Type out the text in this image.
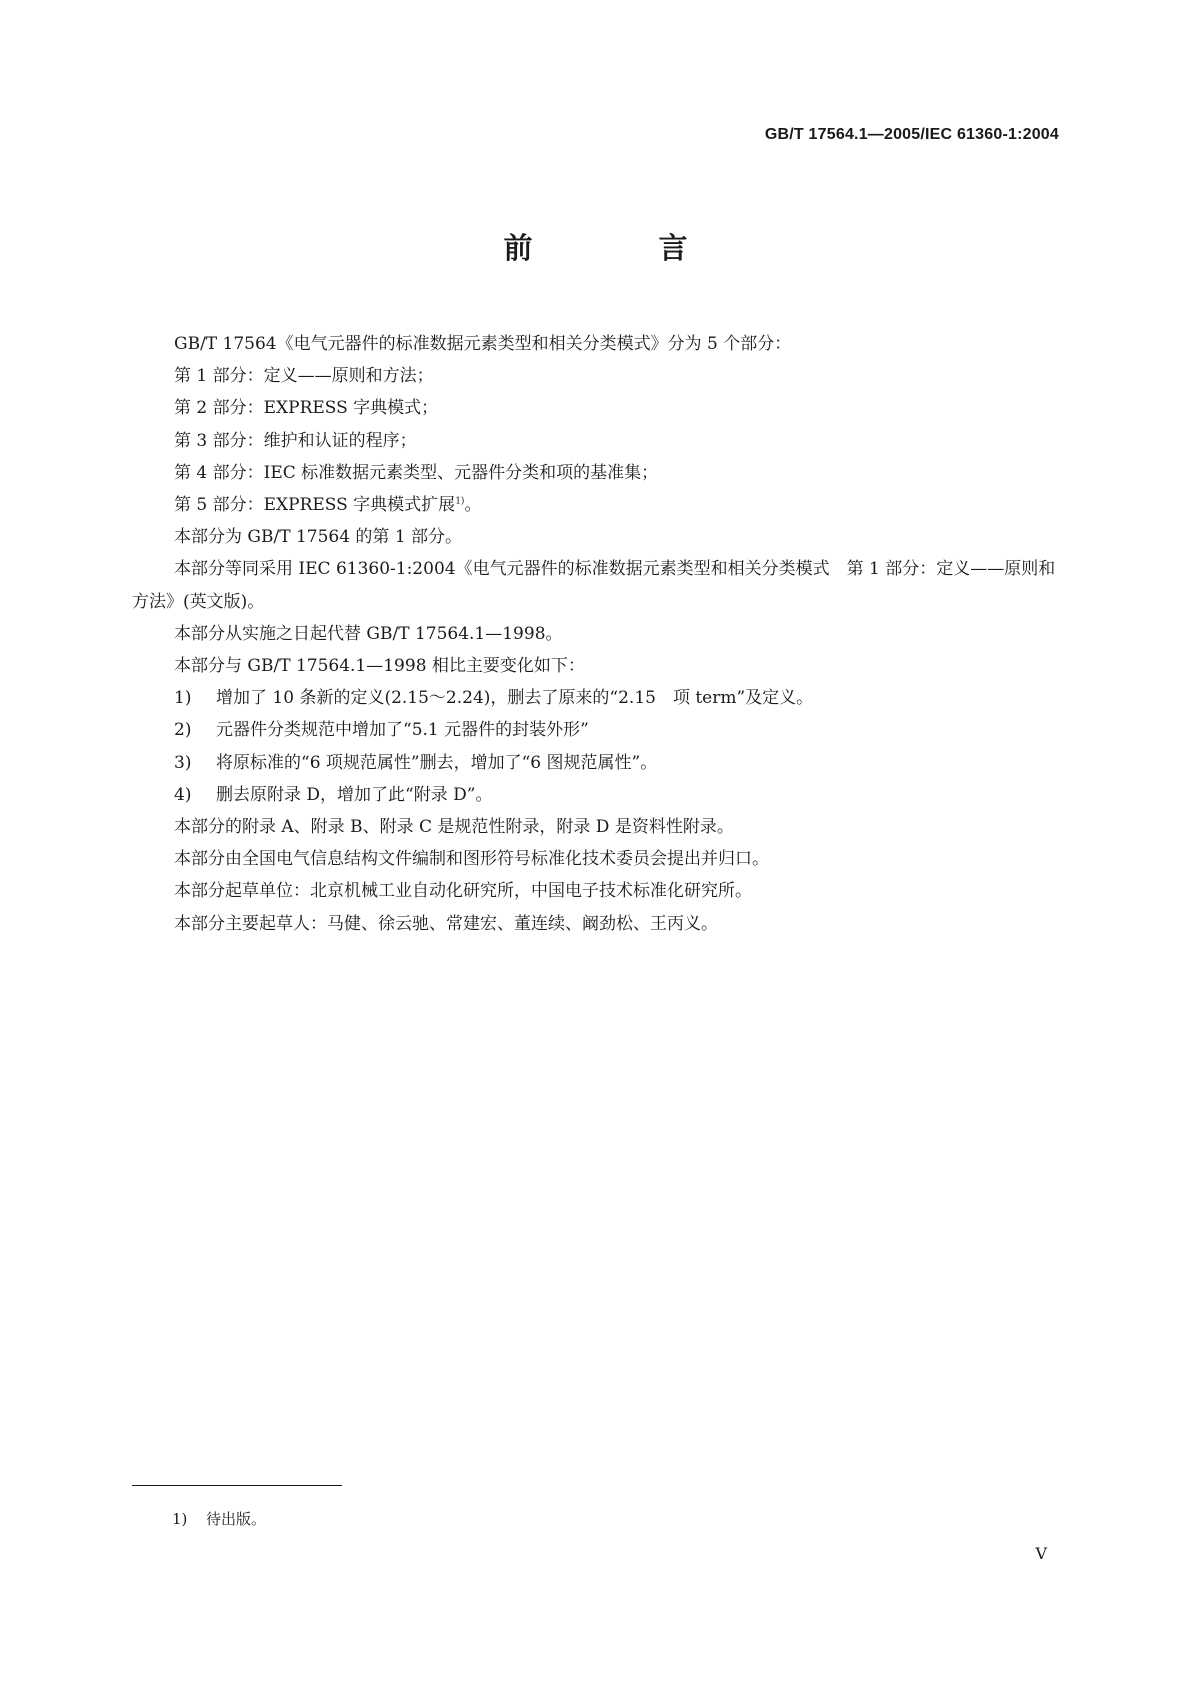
GB/T 17564.1—2005/IEC 61360-1:2004
前 言

GB/T 17564《电气元器件的标准数据元素类型和相关分类模式》分为 5 个部分：

第 1 部分：定义——原则和方法；

第 2 部分：EXPRESS 字典模式；

第 3 部分：维护和认证的程序；

第 4 部分：IEC 标准数据元素类型、元器件分类和项的基准集；

第 5 部分：EXPRESS 字典模式扩展$^{1)}$。

本部分为 GB/T 17564 的第 1 部分。

本部分等同采用 IEC 61360-1:2004《电气元器件的标准数据元素类型和相关分类模式　第 1 部分：定义——原则和方法》(英文版)。

本部分从实施之日起代替 GB/T 17564.1—1998。

本部分与 GB/T 17564.1—1998 相比主要变化如下：

1) 增加了 10 条新的定义(2.15～2.24)，删去了原来的“2.15　项 term”及定义。

2) 元器件分类规范中增加了“5.1 元器件的封装外形”

3) 将原标准的“6 项规范属性”删去，增加了“6 图规范属性”。

4) 删去原附录 D，增加了此“附录 D”。

本部分的附录 A、附录 B、附录 C 是规范性附录，附录 D 是资料性附录。

本部分由全国电气信息结构文件编制和图形符号标准化技术委员会提出并归口。

本部分起草单位：北京机械工业自动化研究所，中国电子技术标准化研究所。

本部分主要起草人：马健、徐云驰、常建宏、董连续、阚劲松、王丙义。

1) 待出版。
V
